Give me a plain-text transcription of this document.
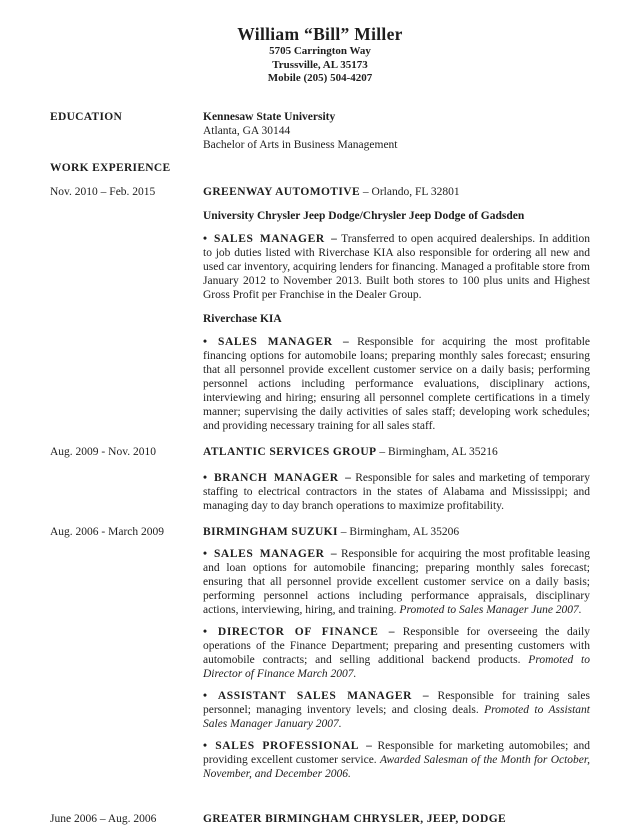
William “Bill” Miller
5705 Carrington Way
Trussville, AL 35173
Mobile (205) 504-4207
EDUCATION	Kennesaw State University
Atlanta, GA 30144
Bachelor of Arts in Business Management
WORK EXPERIENCE
Nov. 2010 – Feb. 2015	GREENWAY AUTOMOTIVE – Orlando, FL 32801

University Chrysler Jeep Dodge/Chrysler Jeep Dodge of Gadsden

• SALES MANAGER – Transferred to open acquired dealerships. In addition to job duties listed with Riverchase KIA also responsible for ordering all new and used car inventory, acquiring lenders for financing. Managed a profitable store from January 2012 to November 2013. Built both stores to 100 plus units and Highest Gross Profit per Franchise in the Dealer Group.

Riverchase KIA

• SALES MANAGER – Responsible for acquiring the most profitable financing options for automobile loans; preparing monthly sales forecast; ensuring that all personnel provide excellent customer service on a daily basis; performing personnel actions including performance evaluations, disciplinary actions, interviewing and hiring; ensuring all personnel complete certifications in a timely manner; supervising the daily activities of sales staff; developing work schedules; and providing necessary training for all sales staff.

Aug. 2009 - Nov. 2010	ATLANTIC SERVICES GROUP – Birmingham, AL 35216

• BRANCH MANAGER – Responsible for sales and marketing of temporary staffing to electrical contractors in the states of Alabama and Mississippi; and managing day to day branch operations to maximize profitability.

Aug. 2006 - March 2009	BIRMINGHAM SUZUKI – Birmingham, AL 35206

• SALES MANAGER – Responsible for acquiring the most profitable leasing and loan options for automobile financing; preparing monthly sales forecast; ensuring that all personnel provide excellent customer service on a daily basis; performing personnel actions including performance appraisals, disciplinary actions, interviewing, hiring, and training. Promoted to Sales Manager June 2007.

• DIRECTOR OF FINANCE – Responsible for overseeing the daily operations of the Finance Department; preparing and presenting customers with automobile contracts; and selling additional backend products. Promoted to Director of Finance March 2007.

• ASSISTANT SALES MANAGER – Responsible for training sales personnel; managing inventory levels; and closing deals. Promoted to Assistant Sales Manager January 2007.

• SALES PROFESSIONAL – Responsible for marketing automobiles; and providing excellent customer service. Awarded Salesman of the Month for October, November, and December 2006.

June 2006 – Aug. 2006	GREATER BIRMINGHAM CHRYSLER, JEEP, DODGE
